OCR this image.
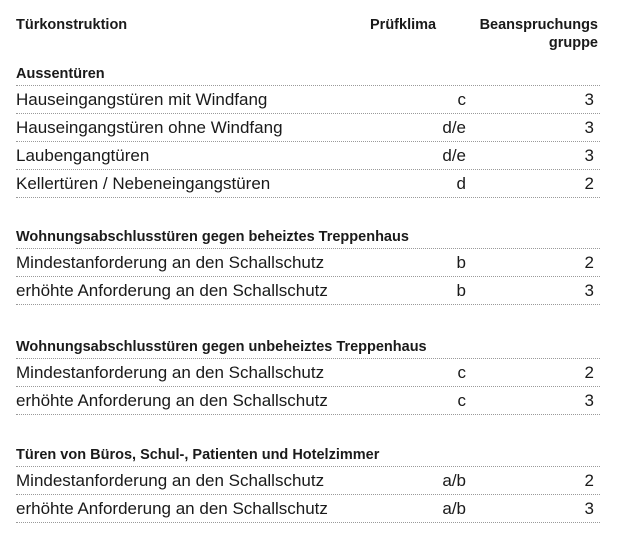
Türkonstruktion	Prüfklima	Beanspruchungs
gruppe
Aussentüren
Hauseingangstüren mit Windfang	c	3
Hauseingangstüren ohne Windfang	d/e	3
Laubengangtüren	d/e	3
Kellertüren / Nebeneingangstüren	d	2
Wohnungsabschlusstüren gegen beheiztes Treppenhaus
Mindestanforderung an den Schallschutz	b	2
erhöhte Anforderung an den Schallschutz	b	3
Wohnungsabschlusstüren gegen unbeheiztes Treppenhaus
Mindestanforderung an den Schallschutz	c	2
erhöhte Anforderung an den Schallschutz	c	3
Türen von Büros, Schul-, Patienten und Hotelzimmer
Mindestanforderung an den Schallschutz	a/b	2
erhöhte Anforderung an den Schallschutz	a/b	3
